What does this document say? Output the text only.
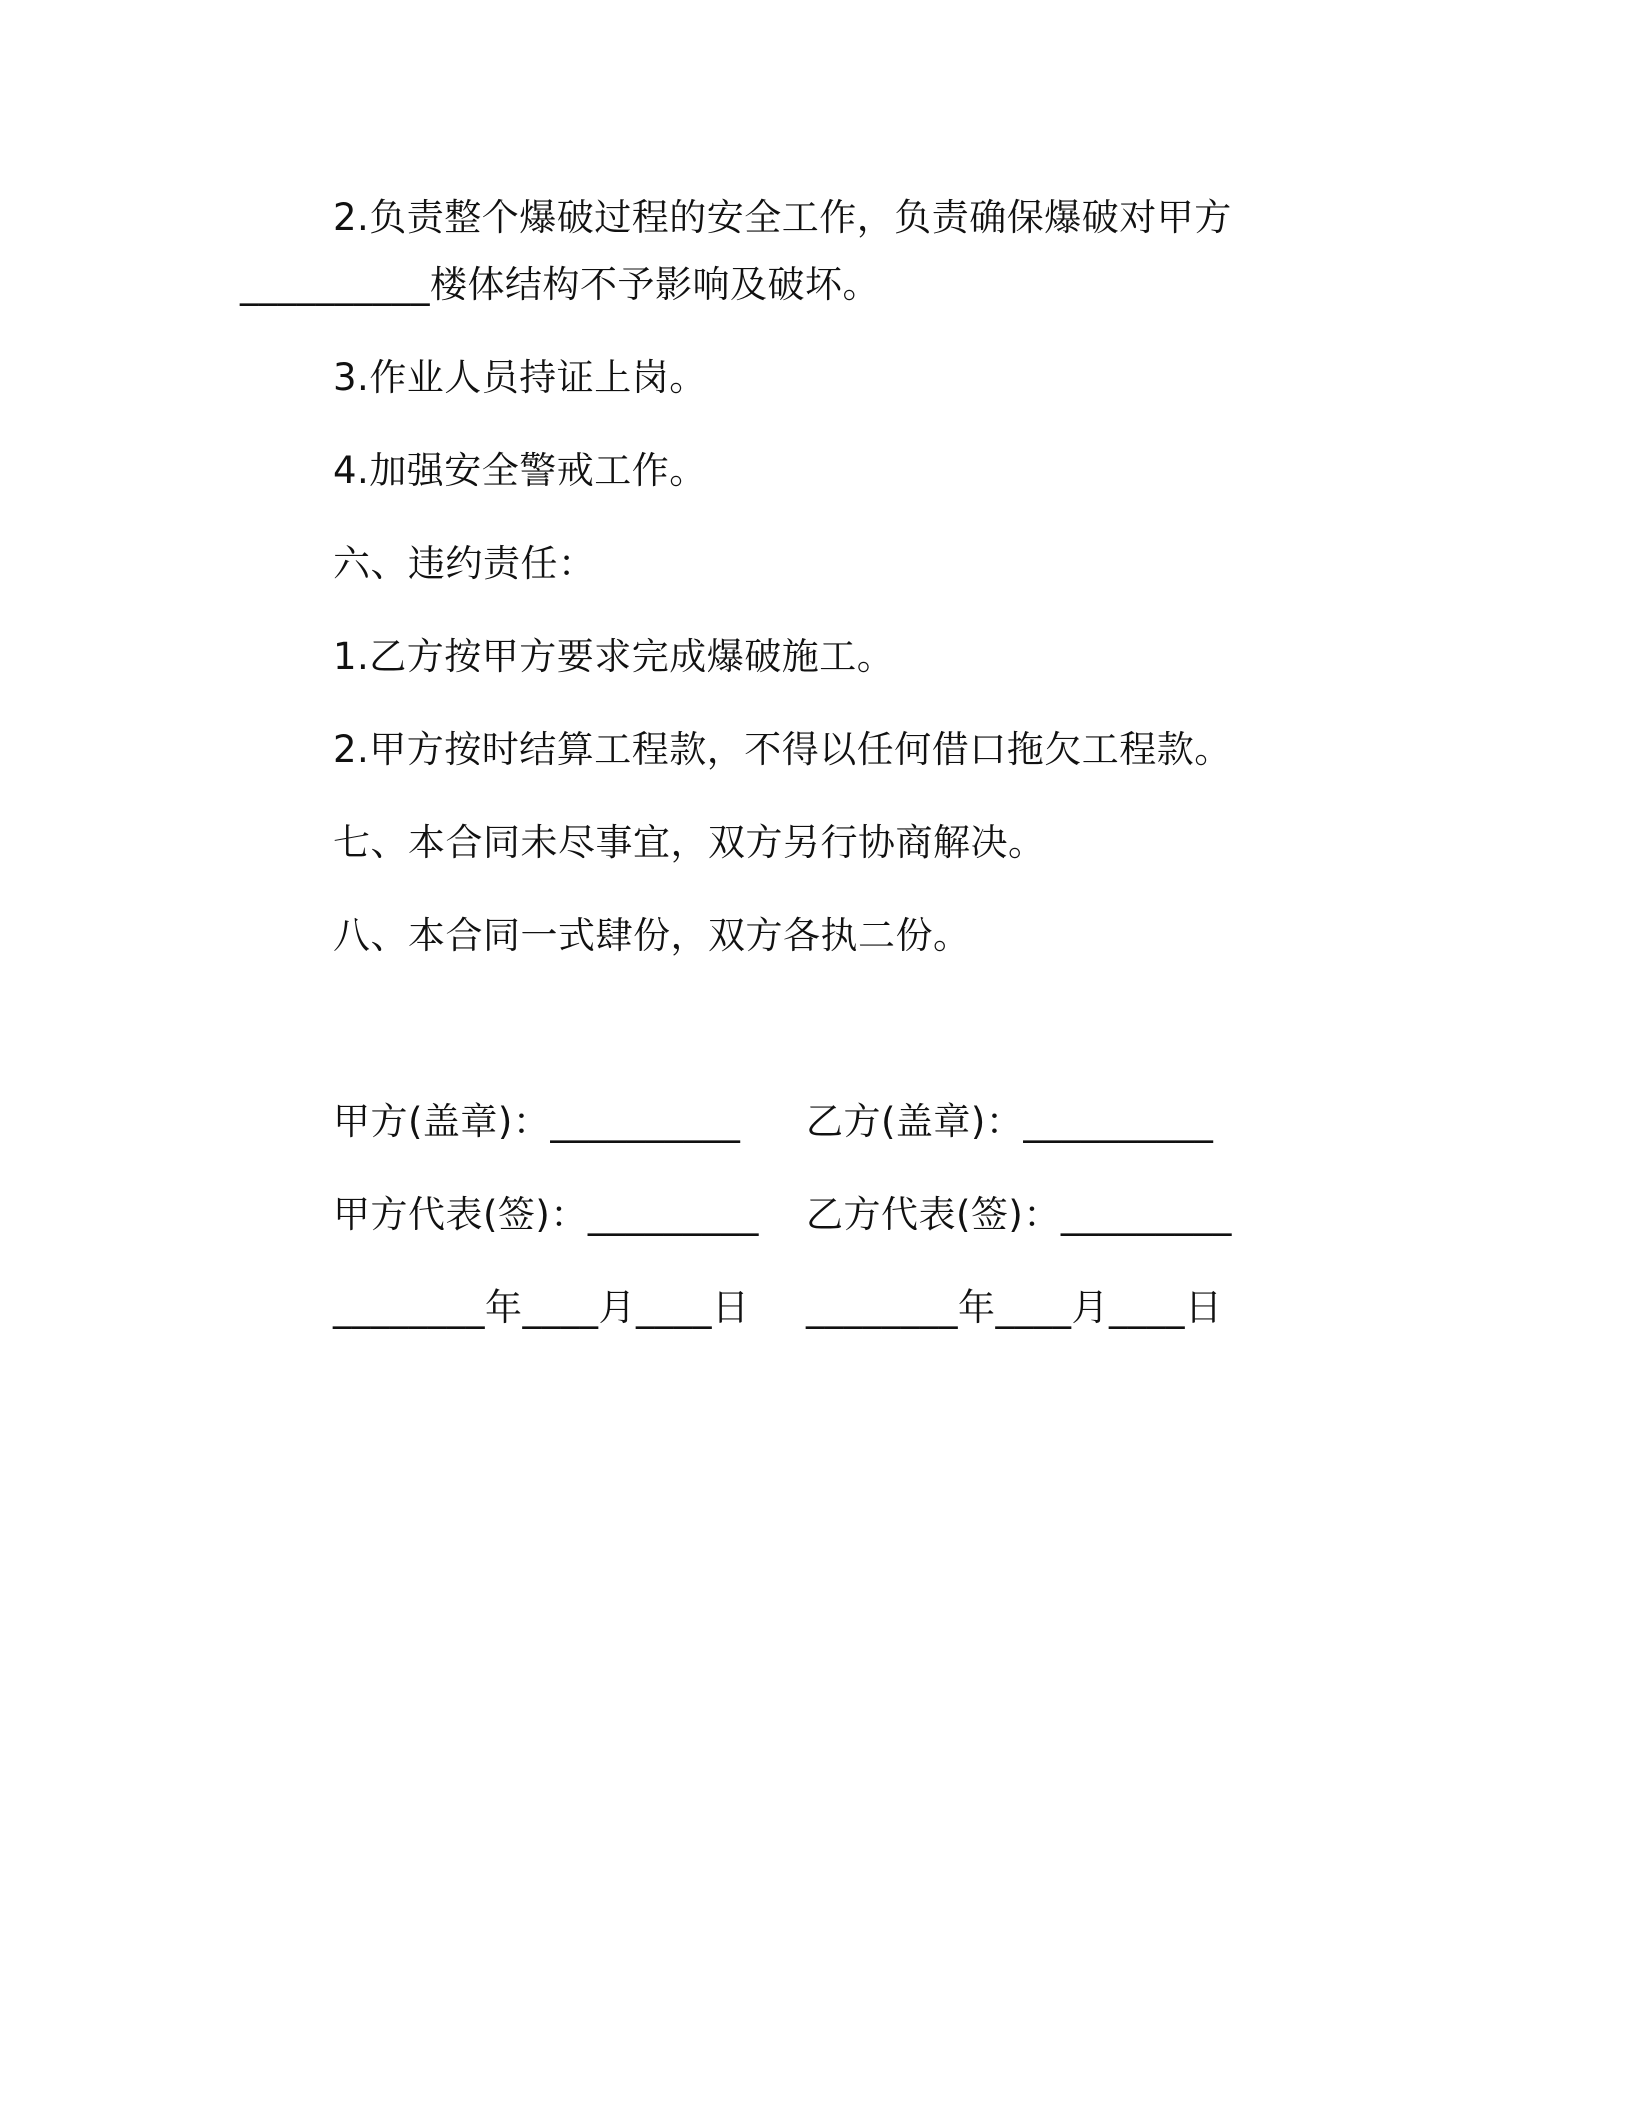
2.负责整个爆破过程的安全工作，负责确保爆破对甲方
__________楼体结构不予影响及破坏。
3.作业人员持证上岗。
4.加强安全警戒工作。
六、违约责任：
1.乙方按甲方要求完成爆破施工。
2.甲方按时结算工程款，不得以任何借口拖欠工程款。
七、本合同未尽事宜，双方另行协商解决。
八、本合同一式肆份，双方各执二份。
甲方(盖章)：__________ 乙方(盖章)：__________
甲方代表(签)：_________ 乙方代表(签)：_________
________年____月____日 ________年____月____日
